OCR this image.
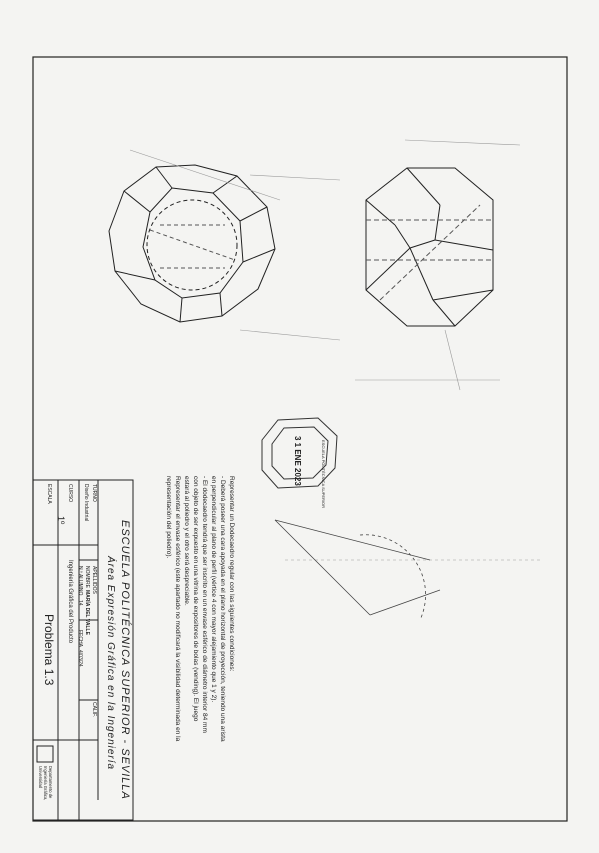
Representar un Dodecaedro regular con las siguientes condiciones:
- Deberá poseer una cara apoyada en el plano horizontal de proyección, teniendo una arista
en perpendicular al plano de perfil (vértice 4 con mayor alejamiento que 1 y 2).
- El dodecaedro tendrá que ser inscrito en un envase esférico de diámetro interior 84 mm
con objeto de ser expuesto en una vitrina de expositores de bolas (vending). El juego
estará al poliedro y el otro será despreciable.
Representar el envase esférico (este apartado no modificará la visibilidad determinada en la
representación del poliedro).
3 1 ENE 2023	ESCUELA POLITÉCNICA SUPERIOR
ESCUELA POLITÉCNICA SUPERIOR - SEVILLA
Área Expresión Gráfica en la Ingeniería
APELLIDOS
NOMBRE
MARÍA DEL VALLE
N.º ALUMNO
14
FECHA
4/03/24
CALIF.
TURNO
Diseño Industrial
CURSO
1º
ESCALA
Ingeniería Gráfica del Producto
Problema 1.3
Departamento de Ingeniería Gráfica, Universidad
